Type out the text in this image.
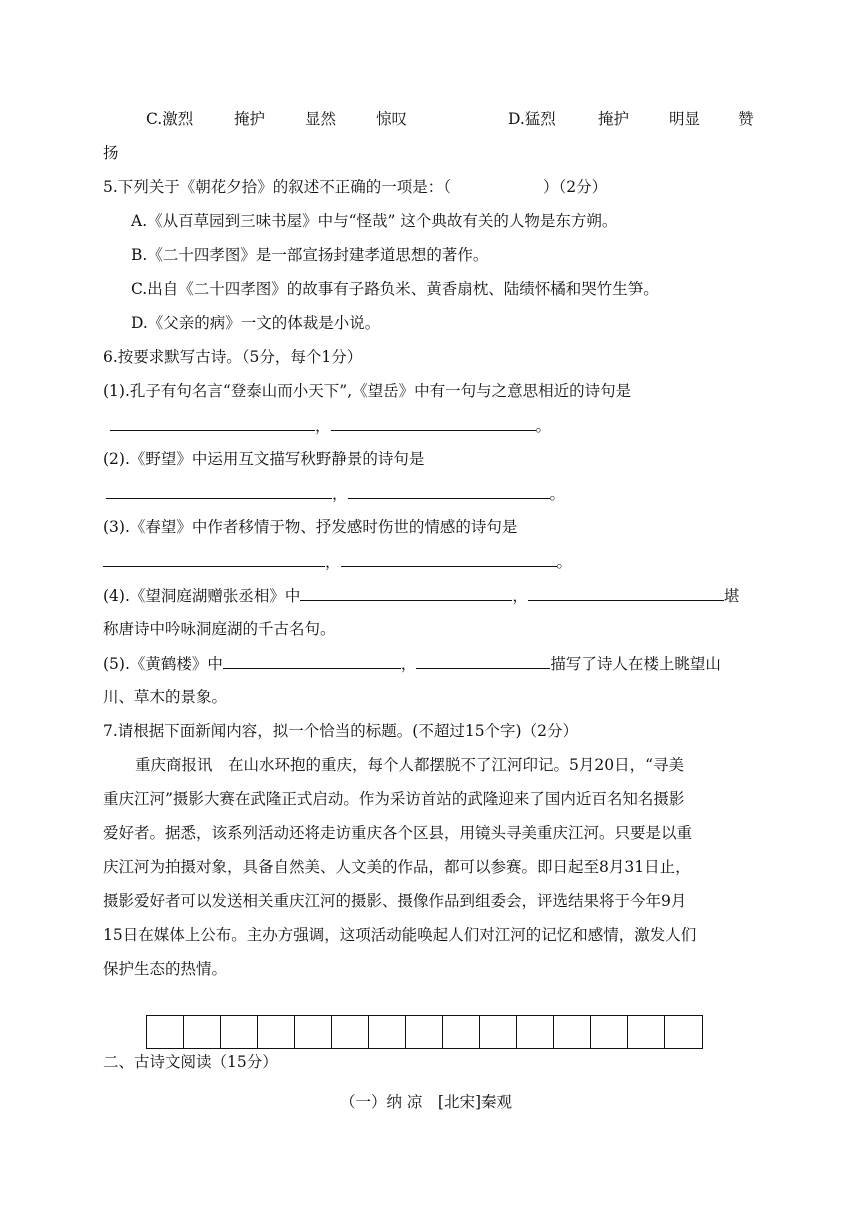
C.激烈	掩护	显然	惊叹	D.猛烈	掩护	明显 赞
扬
5.下列关于《朝花夕拾》的叙述不正确的一项是：（	）（2分）
A.《从百草园到三味书屋》中与“怪哉” 这个典故有关的人物是东方朔。
B.《二十四孝图》是一部宣扬封建孝道思想的著作。
C.出自《二十四孝图》的故事有子路负米、黄香扇枕、陆绩怀橘和哭竹生笋。
D.《父亲的病》一文的体裁是小说。
6.按要求默写古诗。（5分，每个1分）
(1).孔子有句名言“登泰山而小天下”,《望岳》中有一句与之意思相近的诗句是
，	。
(2).《野望》中运用互文描写秋野静景的诗句是
，	。
(3).《春望》中作者移情于物、抒发感时伤世的情感的诗句是
，	。
(4).《望洞庭湖赠张丞相》中	，	堪
称唐诗中吟咏洞庭湖的千古名句。
(5).《黄鹤楼》中	，	描写了诗人在楼上眺望山
川、草木的景象。
7.请根据下面新闻内容，拟一个恰当的标题。(不超过15个字)（2分）
重庆商报讯　在山水环抱的重庆，每个人都摆脱不了江河印记。5月20日，“寻美
重庆江河”摄影大赛在武隆正式启动。作为采访首站的武隆迎来了国内近百名知名摄影
爱好者。据悉，该系列活动还将走访重庆各个区县，用镜头寻美重庆江河。只要是以重
庆江河为拍摄对象，具备自然美、人文美的作品，都可以参赛。即日起至8月31日止，
摄影爱好者可以发送相关重庆江河的摄影、摄像作品到组委会，评选结果将于今年9月
15日在媒体上公布。主办方强调，这项活动能唤起人们对江河的记忆和感情，激发人们
保护生态的热情。
二、古诗文阅读（15分）
（一）纳 凉　[北宋]秦观
